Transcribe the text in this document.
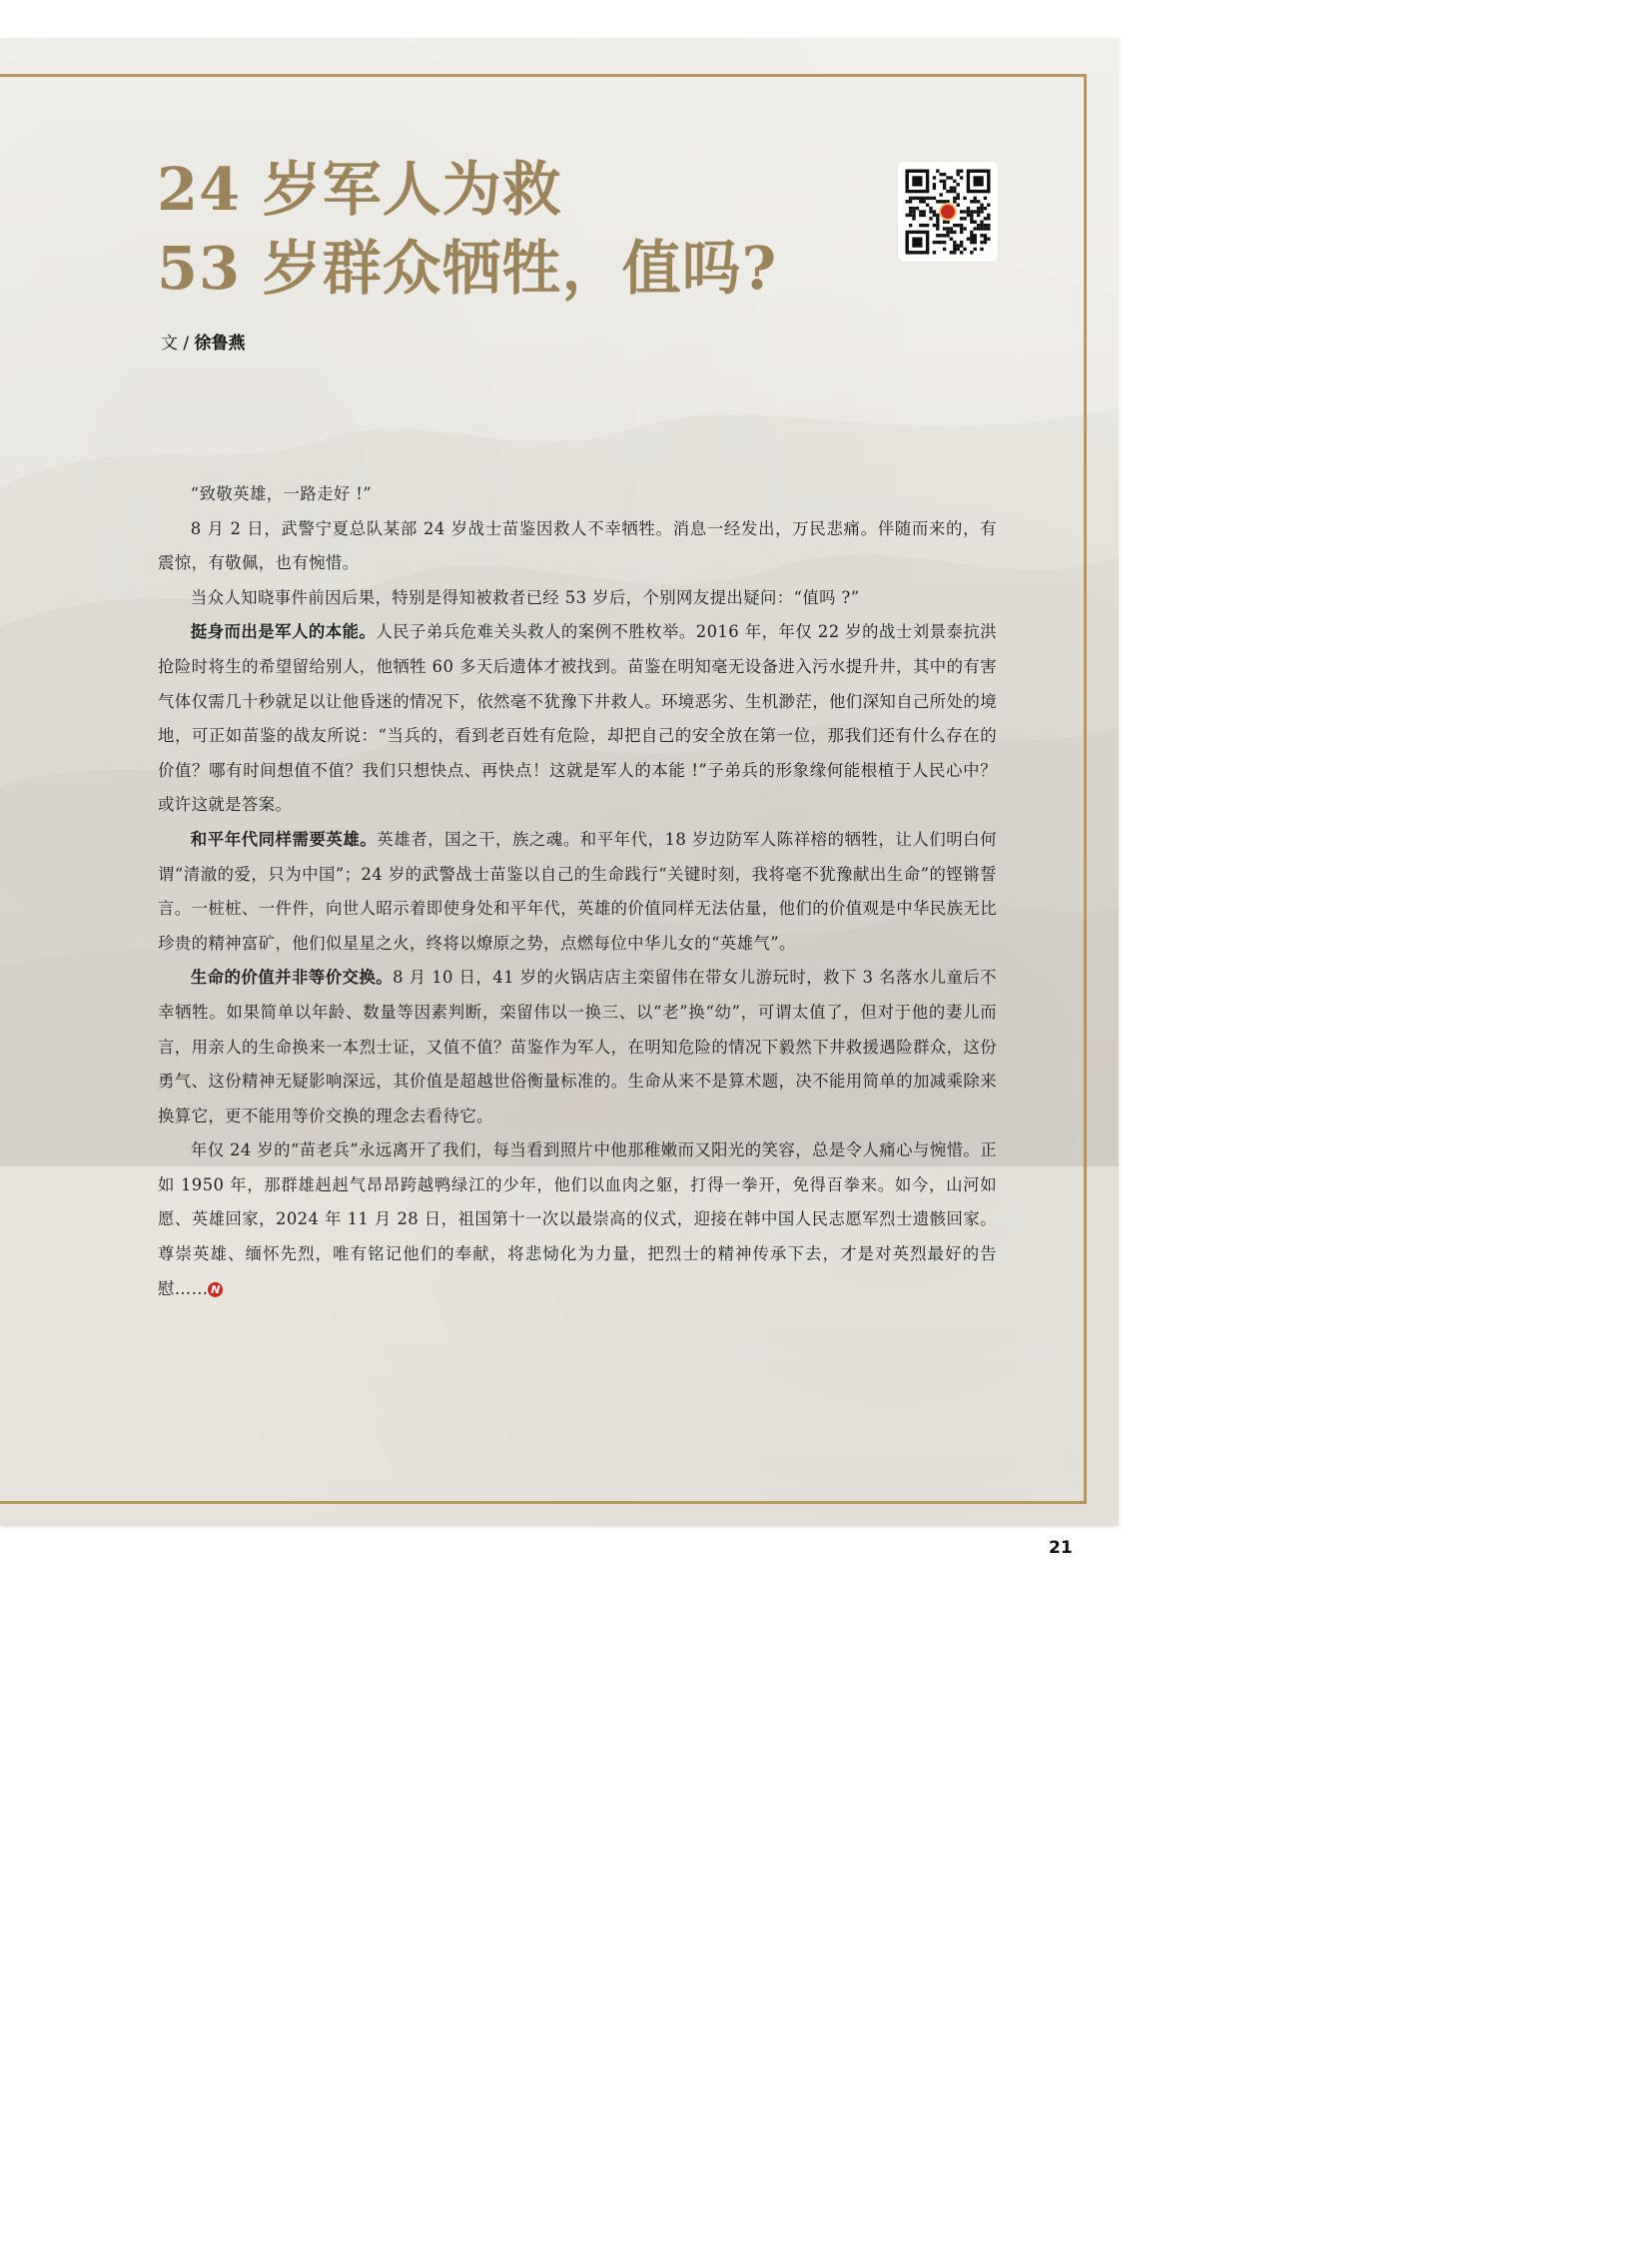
24 岁军人为救
53 岁群众牺牲，值吗?
文 / 徐鲁燕

“致敬英雄，一路走好 !”

8 月 2 日，武警宁夏总队某部 24 岁战士苗鉴因救人不幸牺牲。消息一经发出，万民悲痛。伴随而来的，有震惊，有敬佩，也有惋惜。

当众人知晓事件前因后果，特别是得知被救者已经 53 岁后，个别网友提出疑问：“值吗 ?”

挺身而出是军人的本能。人民子弟兵危难关头救人的案例不胜枚举。2016 年，年仅 22 岁的战士刘景泰抗洪抢险时将生的希望留给别人，他牺牲 60 多天后遗体才被找到。苗鉴在明知毫无设备进入污水提升井，其中的有害气体仅需几十秒就足以让他昏迷的情况下，依然毫不犹豫下井救人。环境恶劣、生机渺茫，他们深知自己所处的境地，可正如苗鉴的战友所说：“当兵的，看到老百姓有危险，却把自己的安全放在第一位，那我们还有什么存在的价值？哪有时间想值不值？我们只想快点、再快点！这就是军人的本能 !”子弟兵的形象缘何能根植于人民心中？或许这就是答案。

和平年代同样需要英雄。英雄者，国之干，族之魂。和平年代，18 岁边防军人陈祥榕的牺牲，让人们明白何谓“清澈的爱，只为中国”；24 岁的武警战士苗鉴以自己的生命践行“关键时刻，我将毫不犹豫献出生命”的铿锵誓言。一桩桩、一件件，向世人昭示着即使身处和平年代，英雄的价值同样无法估量，他们的价值观是中华民族无比珍贵的精神富矿，他们似星星之火，终将以燎原之势，点燃每位中华儿女的“英雄气”。

生命的价值并非等价交换。8 月 10 日，41 岁的火锅店店主栾留伟在带女儿游玩时，救下 3 名落水儿童后不幸牺牲。如果简单以年龄、数量等因素判断，栾留伟以一换三、以“老”换“幼”，可谓太值了，但对于他的妻儿而言，用亲人的生命换来一本烈士证，又值不值？苗鉴作为军人，在明知危险的情况下毅然下井救援遇险群众，这份勇气、这份精神无疑影响深远，其价值是超越世俗衡量标准的。生命从来不是算术题，决不能用简单的加减乘除来换算它，更不能用等价交换的理念去看待它。

年仅 24 岁的“苗老兵”永远离开了我们，每当看到照片中他那稚嫩而又阳光的笑容，总是令人痛心与惋惜。正如 1950 年，那群雄赳赳气昂昂跨越鸭绿江的少年，他们以血肉之躯，打得一拳开，免得百拳来。如今，山河如愿、英雄回家，2024 年 11 月 28 日，祖国第十一次以最崇高的仪式，迎接在韩中国人民志愿军烈士遗骸回家。尊崇英雄、缅怀先烈，唯有铭记他们的奉献，将悲恸化为力量，把烈士的精神传承下去，才是对英烈最好的告慰…… N

21
